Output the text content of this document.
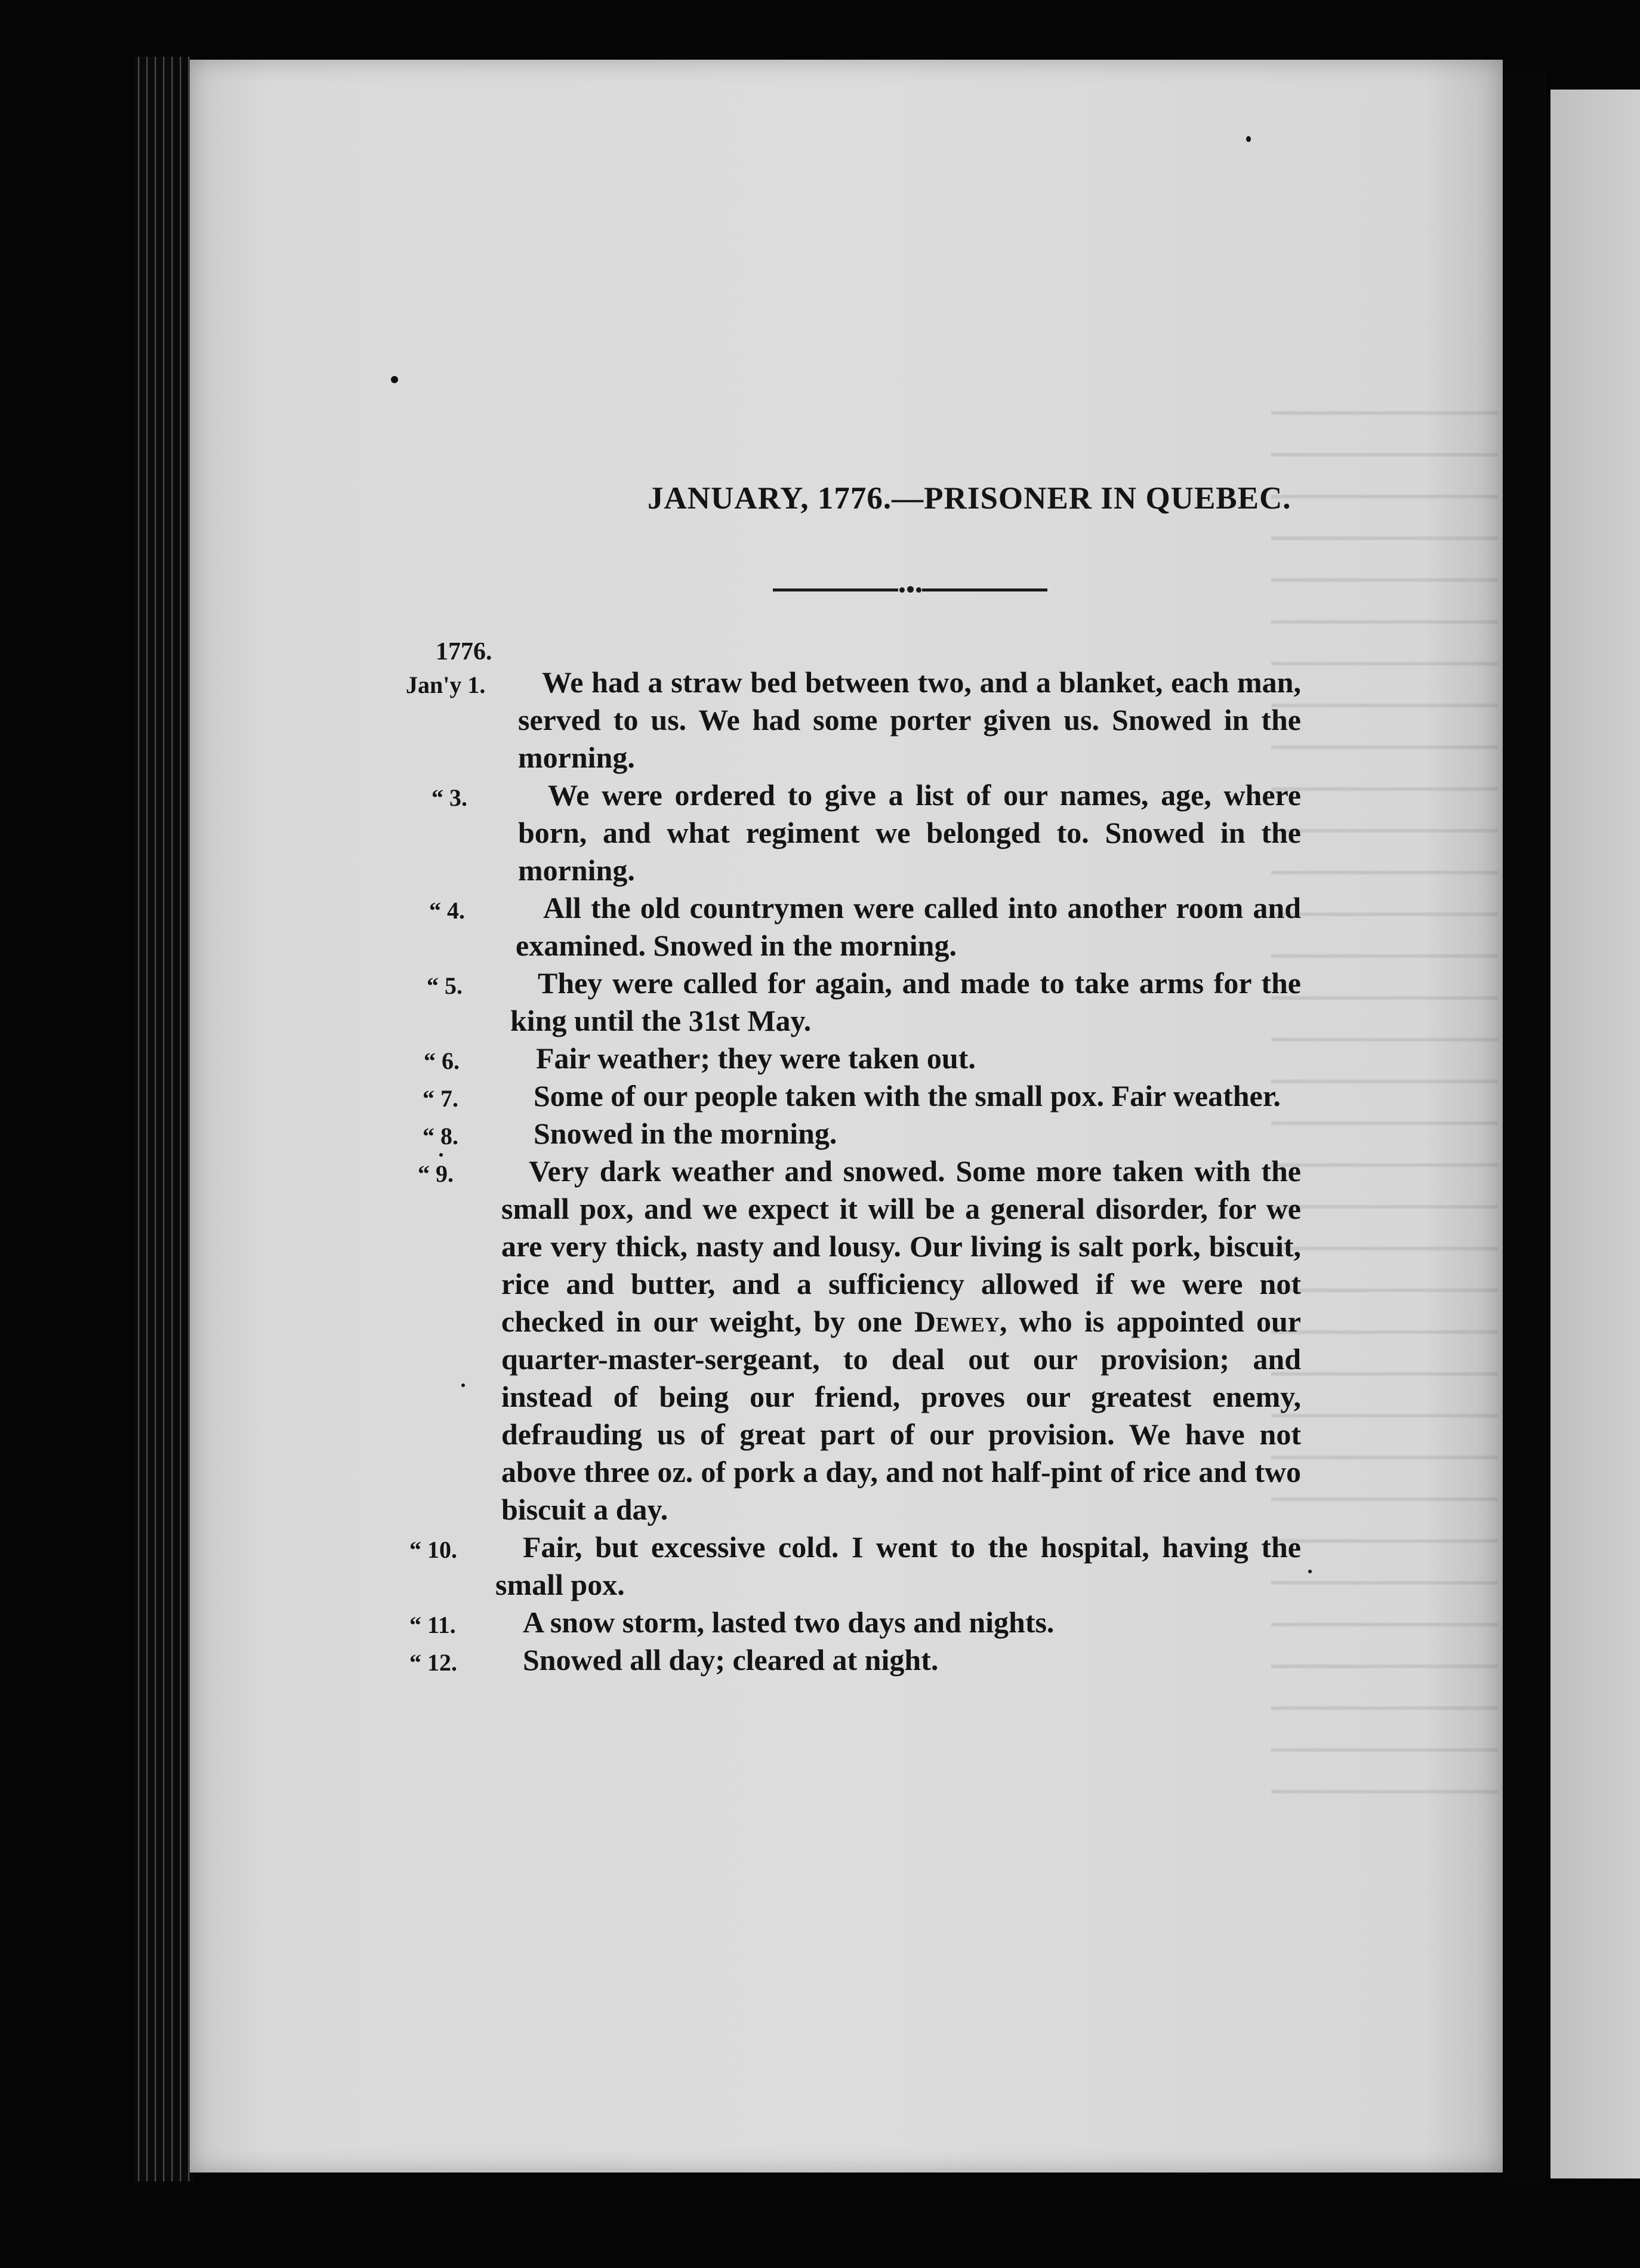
JANUARY, 1776.—PRISONER IN QUEBEC.
1776.
Jan'y 1.	We had a straw bed between two, and a blanket, each man, served to us. We had some porter given us. Snowed in the morning.
“ 3.	We were ordered to give a list of our names, age, where born, and what regiment we belonged to. Snowed in the morning.
“ 4.	All the old countrymen were called into another room and examined. Snowed in the morning.
“ 5.	They were called for again, and made to take arms for the king until the 31st May.
“ 6.	Fair weather; they were taken out.
“ 7.	Some of our people taken with the small pox. Fair weather.
“ 8.	Snowed in the morning.
“ 9.	Very dark weather and snowed. Some more taken with the small pox, and we expect it will be a general disorder, for we are very thick, nasty and lousy. Our living is salt pork, biscuit, rice and butter, and a sufficiency allowed if we were not checked in our weight, by one Dewey, who is appointed our quarter-master-sergeant, to deal out our provision; and instead of being our friend, proves our greatest enemy, defrauding us of great part of our provision. We have not above three oz. of pork a day, and not half-pint of rice and two biscuit a day.
“ 10.	Fair, but excessive cold. I went to the hospital, having the small pox.
“ 11.	A snow storm, lasted two days and nights.
“ 12.	Snowed all day; cleared at night.
